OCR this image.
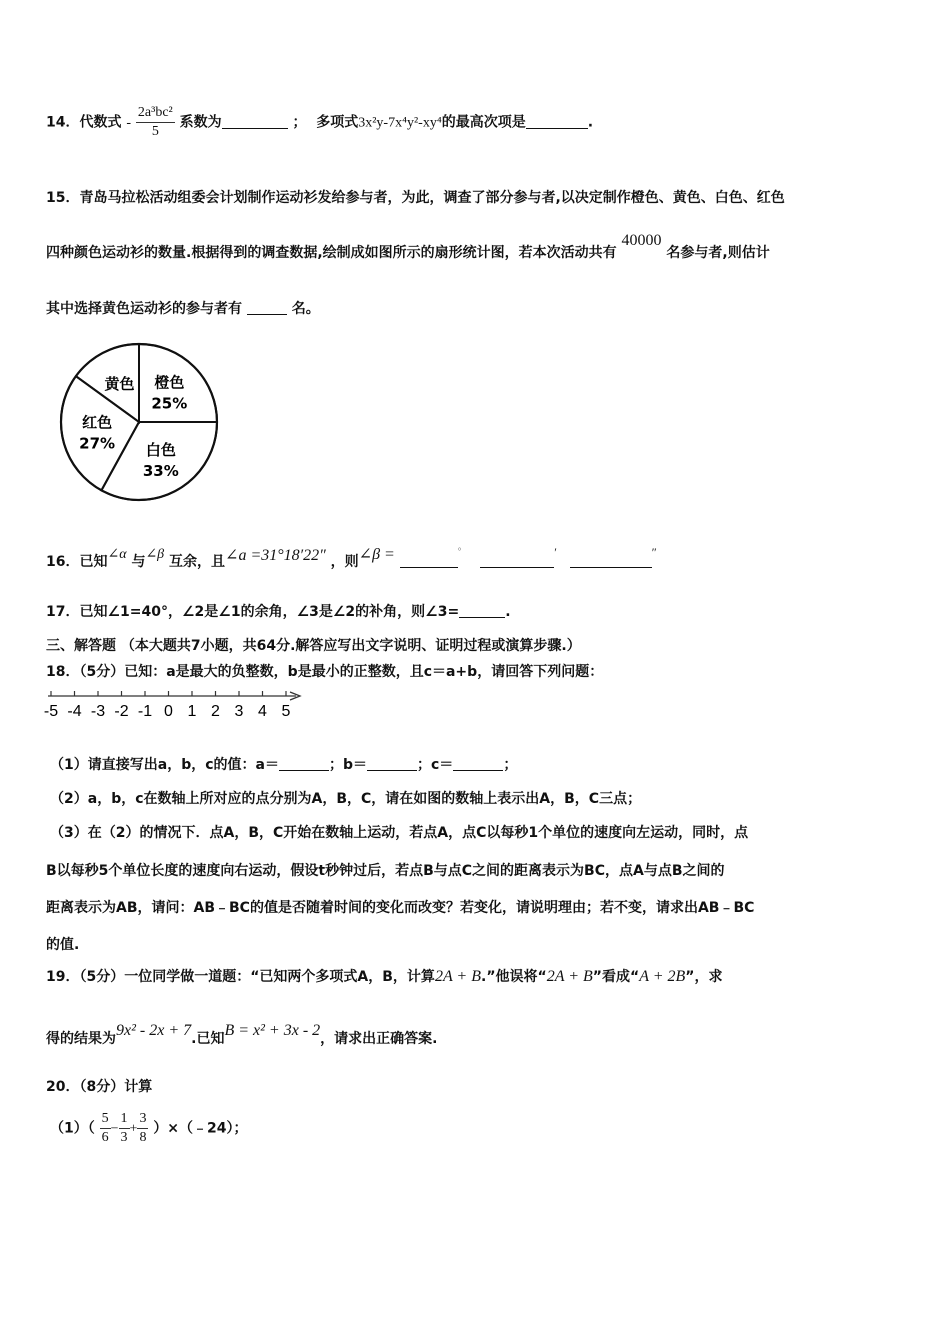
14．代数式 - $\frac{\text{2a³bc²}}{5}$ 系数为	； 多项式3x²y-7x⁴y²-xy⁴的最高次项是	.
15．青岛马拉松活动组委会计划制作运动衫发给参与者，为此，调查了部分参与者,以决定制作橙色、黄色、白色、红色
四种颜色运动衫的数量.根据得到的调查数据,绘制成如图所示的扇形统计图，若本次活动共有 40000 名参与者,则估计
其中选择黄色运动衫的参与者有	名。
橙色
25%
白色
33%
红色
27%
黄色
16．已知∠α 与∠β 互余，且∠a =31°18′22″ ，则∠β =	°	′	″
17．已知∠1=40°，∠2是∠1的余角，∠3是∠2的补角，则∠3=	.
三、解答题 （本大题共7小题，共64分.解答应写出文字说明、证明过程或演算步骤.）
18．（5分）已知：a是最大的负整数，b是最小的正整数，且c＝a+b，请回答下列问题：
-5 -4 -3 -2 -1 0 1 2 3 4 5
（1）请直接写出a，b，c的值：a＝	；b＝	；c＝	；
（2）a，b，c在数轴上所对应的点分别为A，B，C，请在如图的数轴上表示出A，B，C三点；
（3）在（2）的情况下．点A，B，C开始在数轴上运动，若点A，点C以每秒1个单位的速度向左运动，同时，点
B以每秒5个单位长度的速度向右运动，假设t秒钟过后，若点B与点C之间的距离表示为BC，点A与点B之间的
距离表示为AB，请问：AB﹣BC的值是否随着时间的变化而改变？若变化，请说明理由；若不变，请求出AB﹣BC
的值.
19．（5分）一位同学做一道题：“已知两个多项式A，B，计算2A + B.”他误将“2A + B”看成“A + 2B”，求
得的结果为9x² - 2x + 7.已知B = x² + 3x - 2，请求出正确答案.
20．（8分）计算
$(1)( \frac{5}{6} - \frac{1}{3} + \frac{3}{8}$ ）×（﹣24）；
